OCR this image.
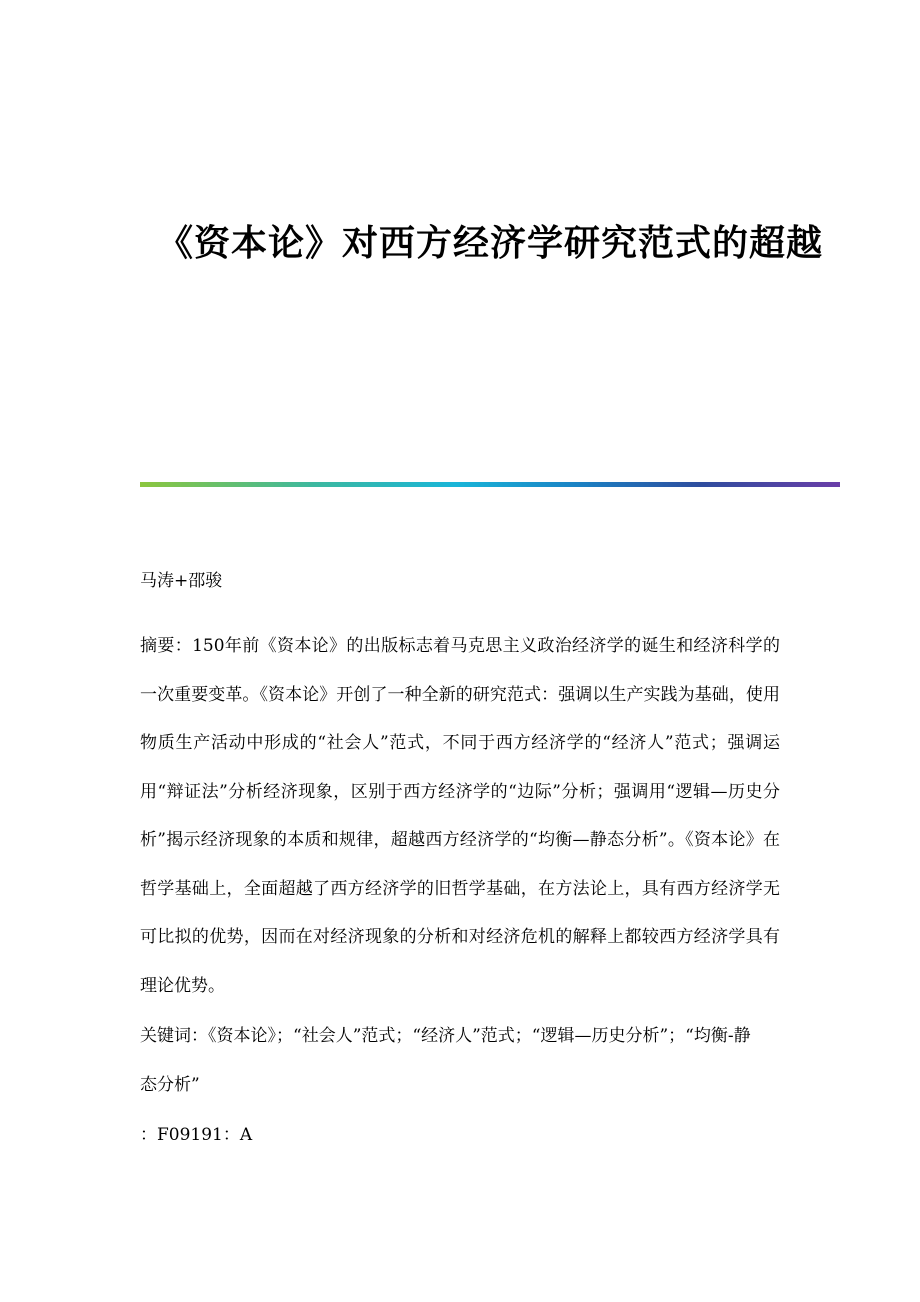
《资本论》对西方经济学研究范式的超越

马涛+邵骏

摘要：150年前《资本论》的出版标志着马克思主义政治经济学的诞生和经济科学的一次重要变革。《资本论》开创了一种全新的研究范式：强调以生产实践为基础，使用物质生产活动中形成的“社会人”范式，不同于西方经济学的“经济人”范式；强调运用“辩证法”分析经济现象，区别于西方经济学的“边际”分析；强调用“逻辑—历史分析”揭示经济现象的本质和规律，超越西方经济学的“均衡—静态分析”。《资本论》在哲学基础上，全面超越了西方经济学的旧哲学基础，在方法论上，具有西方经济学无可比拟的优势，因而在对经济现象的分析和对经济危机的解释上都较西方经济学具有理论优势。

关键词：《资本论》；“社会人”范式；“经济人”范式；“逻辑—历史分析”；“均衡-静态分析”

：F09191：A
